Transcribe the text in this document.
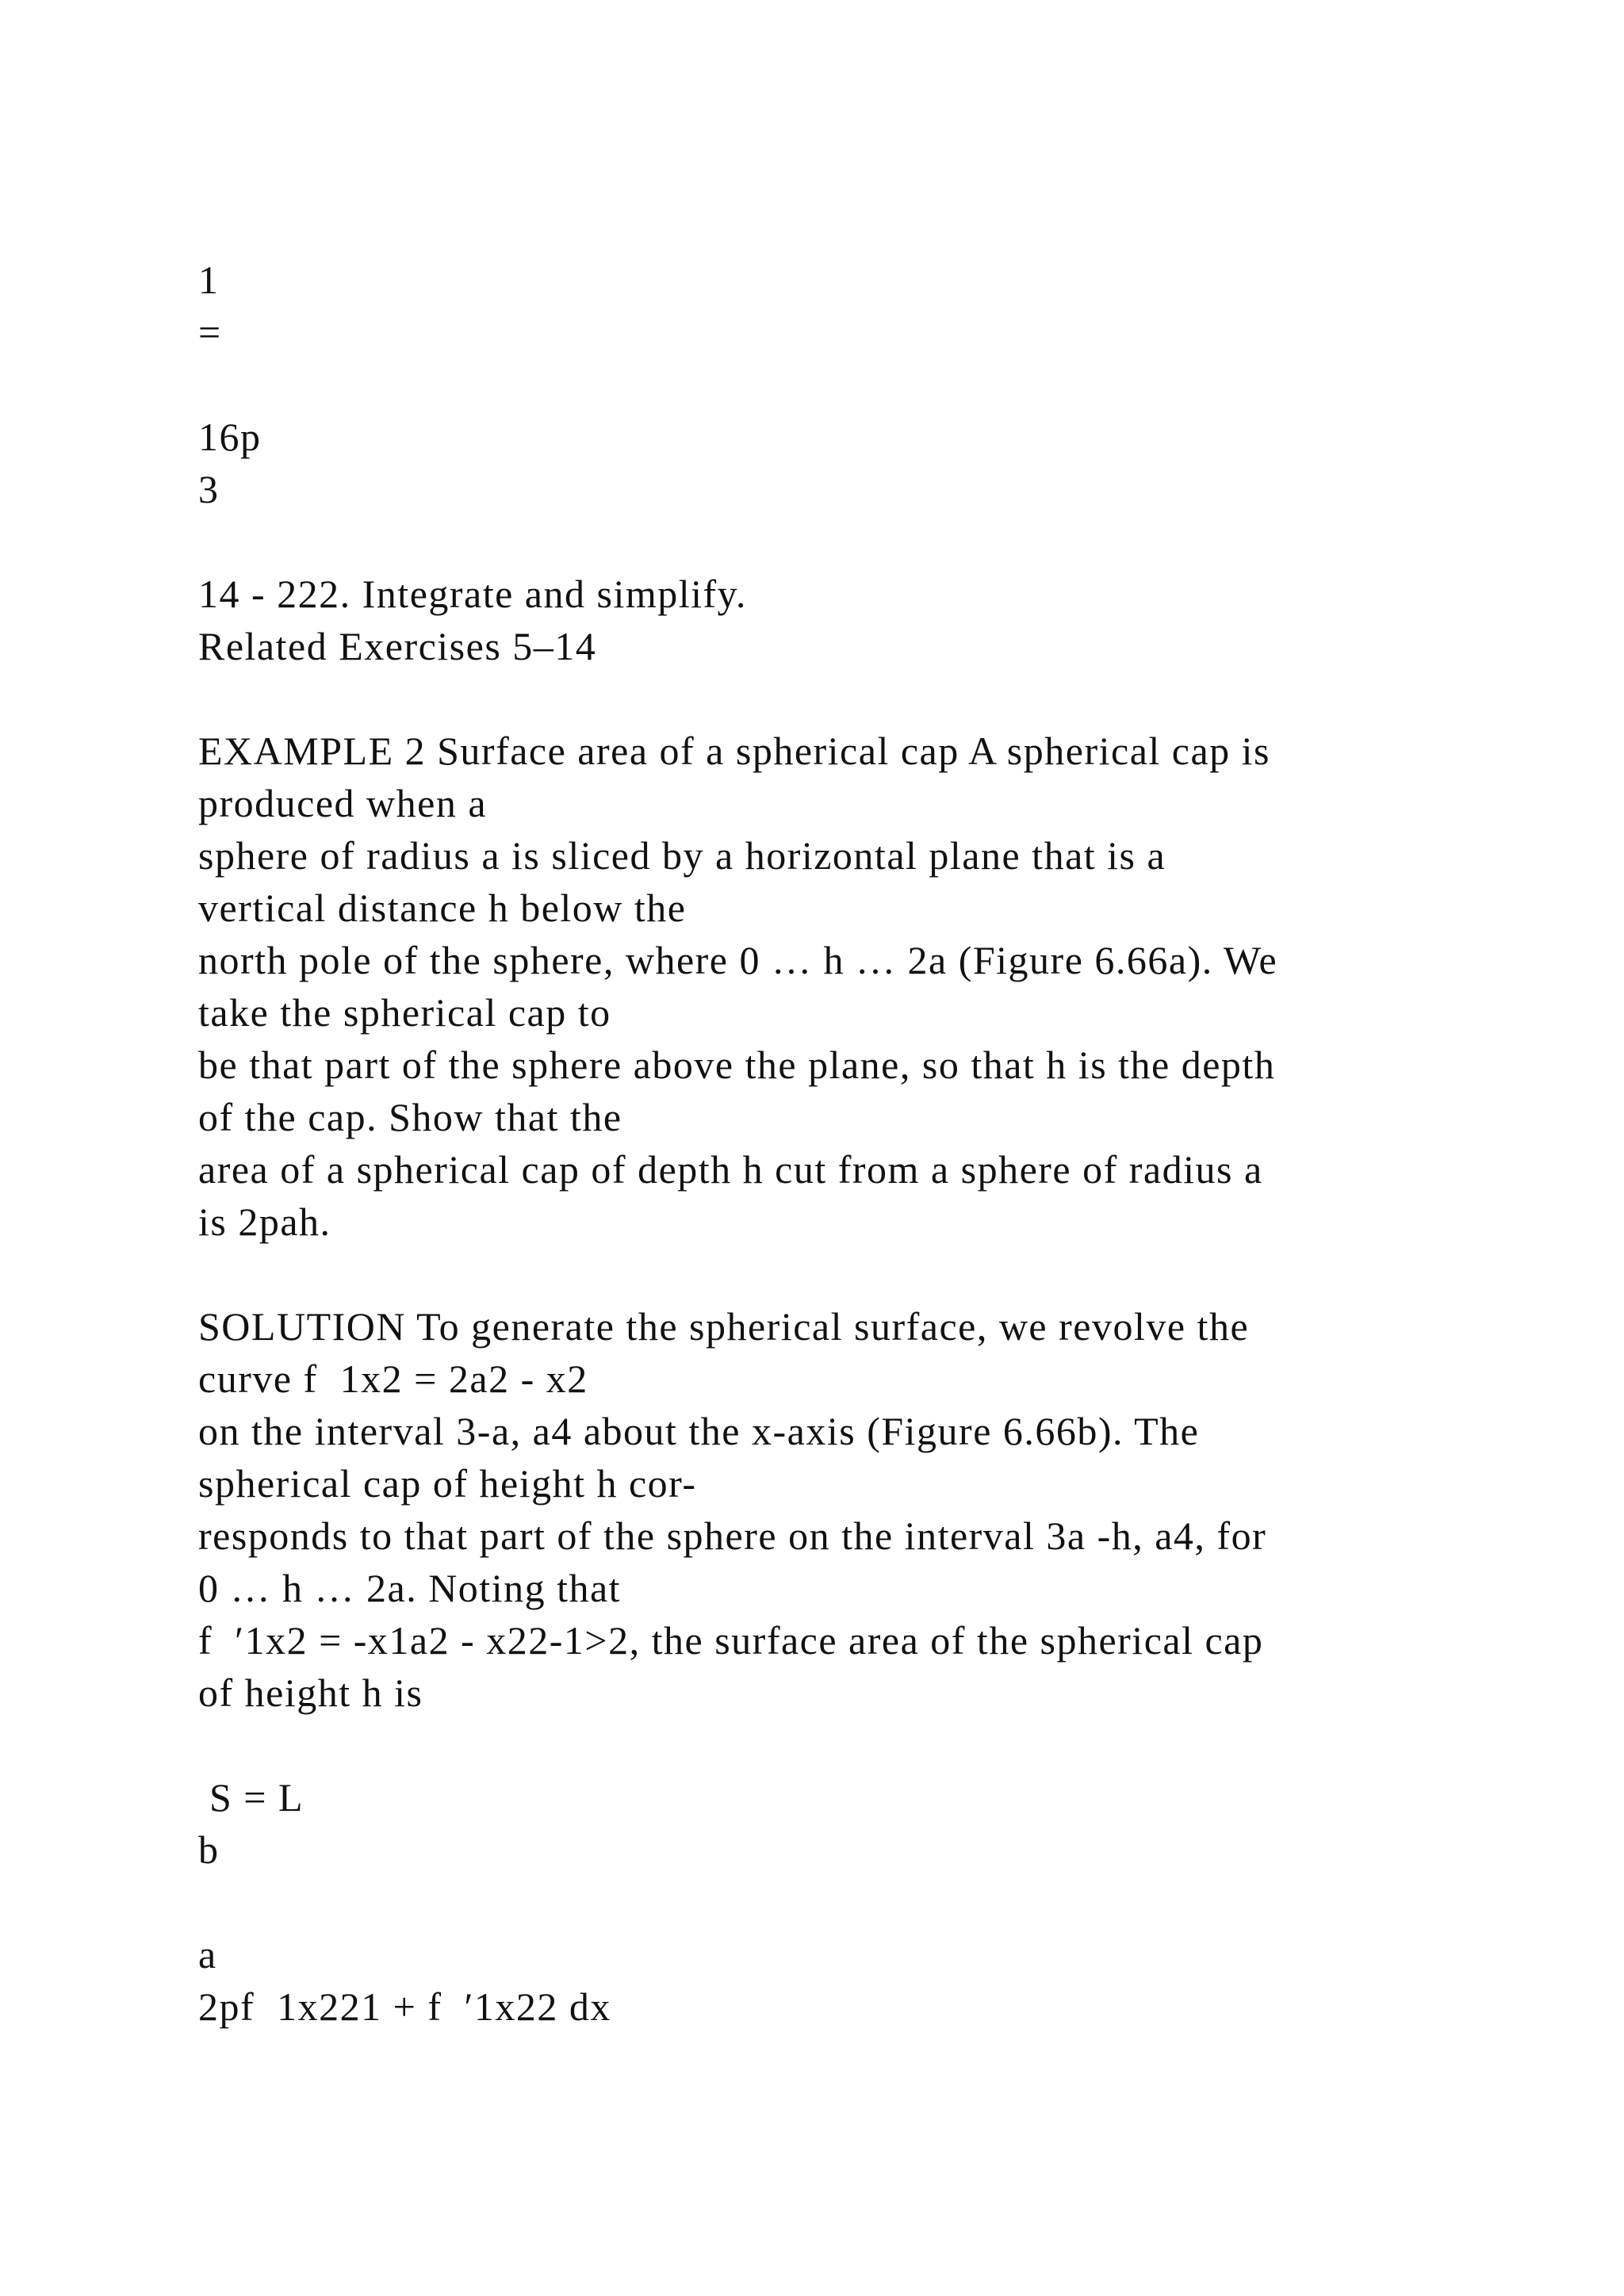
1
=
16p
3
14 - 222. Integrate and simplify.
Related Exercises 5–14
EXAMPLE 2 Surface area of a spherical cap A spherical cap is
produced when a
sphere of radius a is sliced by a horizontal plane that is a
vertical distance h below the
north pole of the sphere, where 0 … h … 2a (Figure 6.66a). We
take the spherical cap to
be that part of the sphere above the plane, so that h is the depth
of the cap. Show that the
area of a spherical cap of depth h cut from a sphere of radius a
is 2pah.
SOLUTION To generate the spherical surface, we revolve the
curve f  1x2 = 2a2 - x2
on the interval 3-a, a4 about the x-axis (Figure 6.66b). The
spherical cap of height h cor-
responds to that part of the sphere on the interval 3a -h, a4, for
0 … h … 2a. Noting that
f  ′1x2 = -x1a2 - x22-1>2, the surface area of the spherical cap
of height h is
S = L
b
a
2pf  1x221 + f  ′1x22 dx
